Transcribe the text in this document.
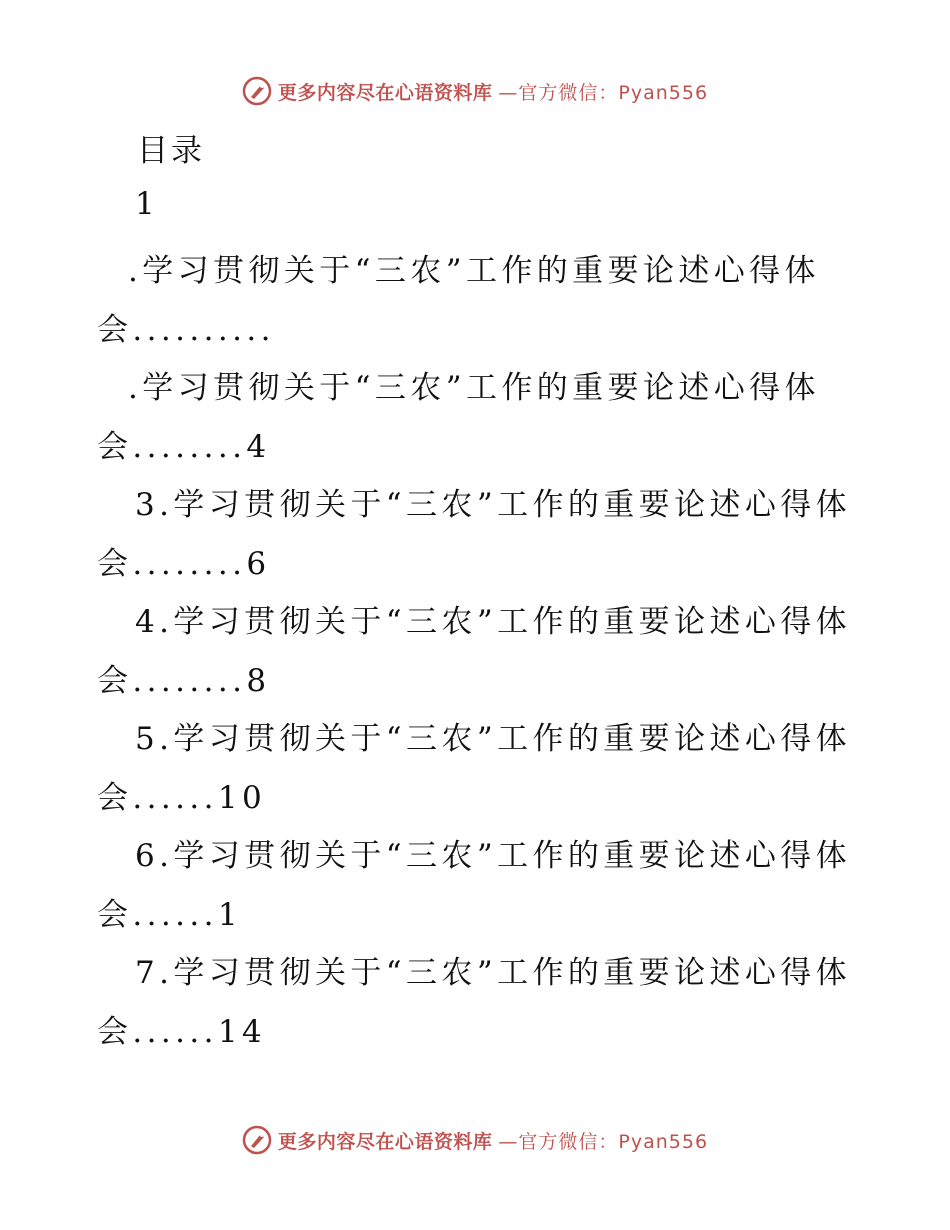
更多内容尽在心语资料库 —官方微信：Pyan556
目录
1
.学习贯彻关于“三农”工作的重要论述心得体
会..........
.学习贯彻关于“三农”工作的重要论述心得体
会........4
3.学习贯彻关于“三农”工作的重要论述心得体
会........6
4.学习贯彻关于“三农”工作的重要论述心得体
会........8
5.学习贯彻关于“三农”工作的重要论述心得体
会......10
6.学习贯彻关于“三农”工作的重要论述心得体
会......1
7.学习贯彻关于“三农”工作的重要论述心得体
会......14
更多内容尽在心语资料库 —官方微信：Pyan556
